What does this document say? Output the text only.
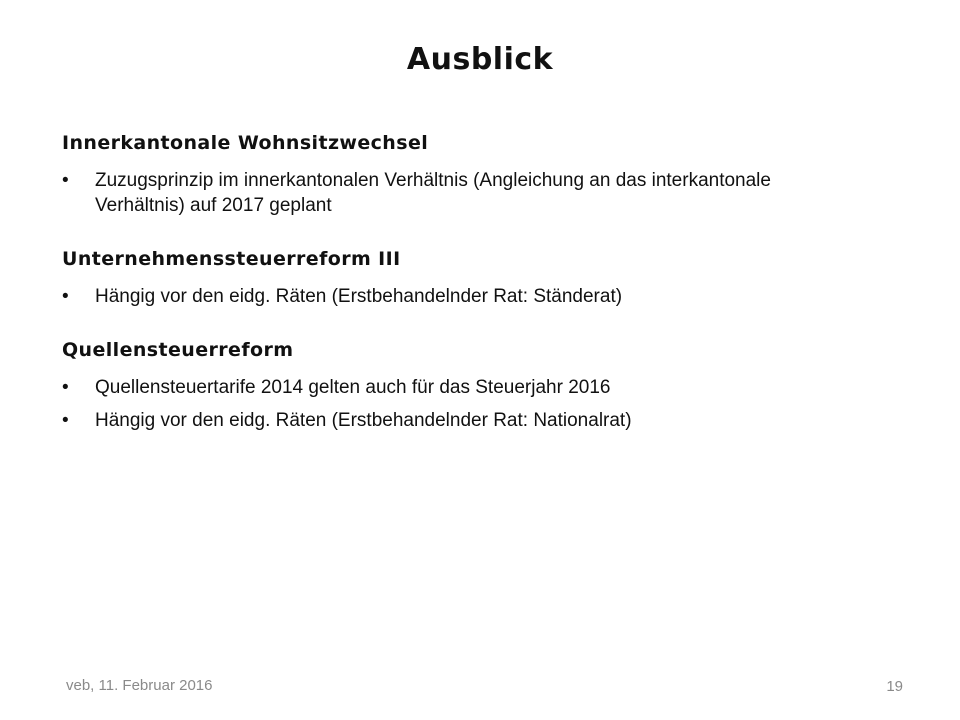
Ausblick
Innerkantonale Wohnsitzwechsel
• Zuzugsprinzip im innerkantonalen Verhältnis (Angleichung an das interkantonale Verhältnis) auf 2017 geplant
Unternehmenssteuerreform III
• Hängig vor den eidg. Räten (Erstbehandelnder Rat: Ständerat)
Quellensteuerreform
• Quellensteuertarife 2014 gelten auch für das Steuerjahr 2016
• Hängig vor den eidg. Räten (Erstbehandelnder Rat: Nationalrat)
veb, 11. Februar 2016	19
